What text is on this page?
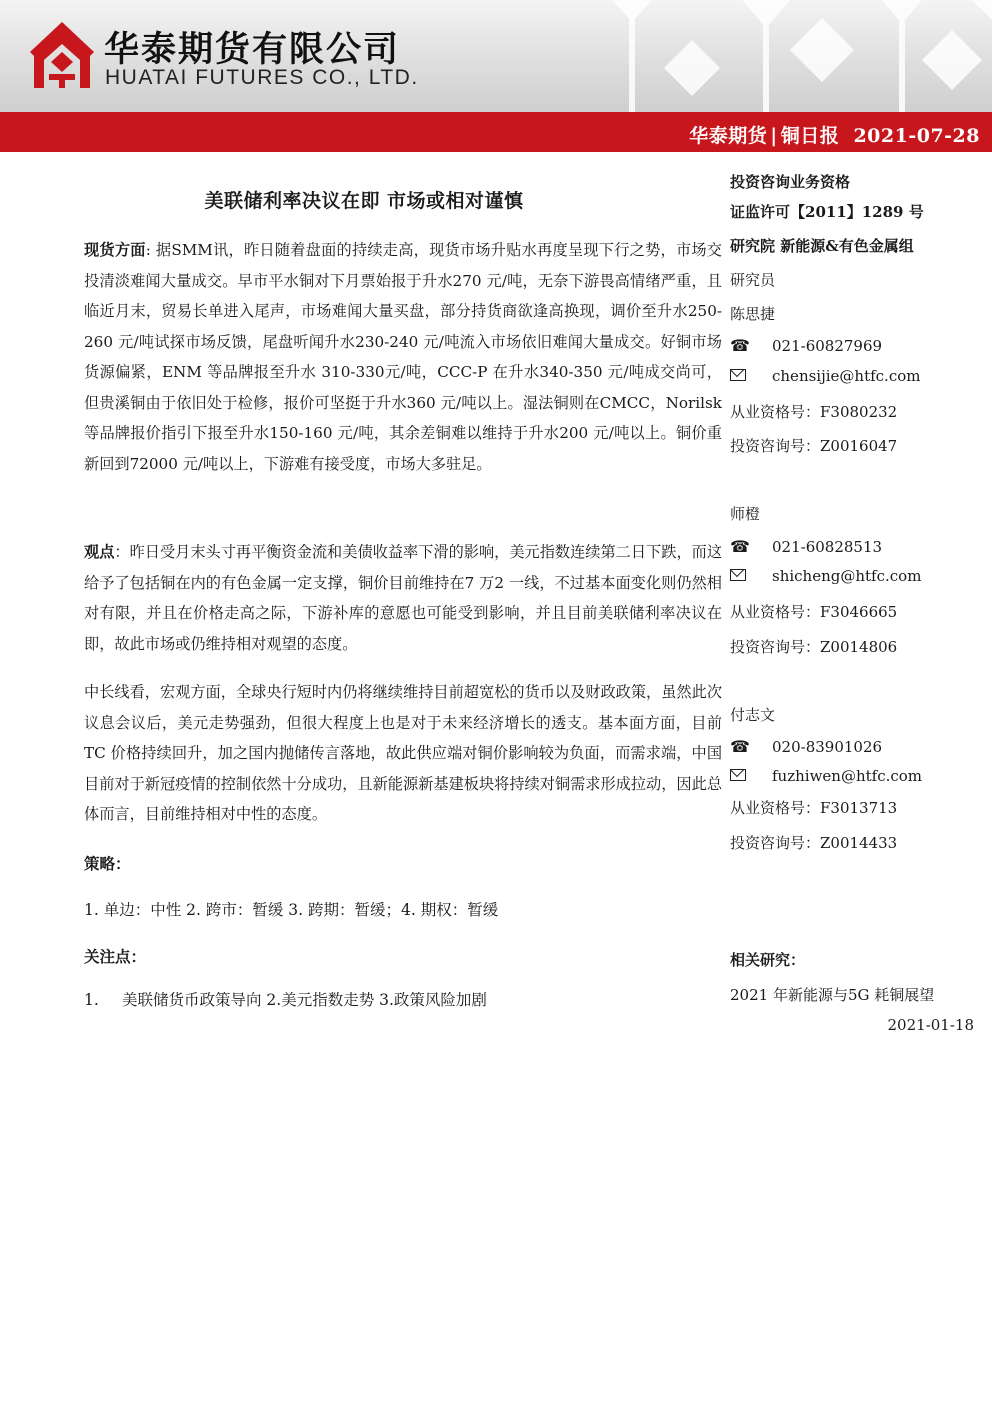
华泰期货有限公司
HUATAI FUTURES CO., LTD.
华泰期货 | 铜日报 2021-07-28
美联储利率决议在即 市场或相对谨慎

现货方面: 据SMM讯，昨日随着盘面的持续走高，现货市场升贴水再度呈现下行之势，市场交投清淡难闻大量成交。早市平水铜对下月票始报于升水270 元/吨，无奈下游畏高情绪严重，且临近月末，贸易长单进入尾声，市场难闻大量买盘，部分持货商欲逢高换现，调价至升水250-260 元/吨试探市场反馈，尾盘听闻升水230-240 元/吨流入市场依旧难闻大量成交。好铜市场货源偏紧，ENM 等品牌报至升水 310-330元/吨，CCC-P 在升水340-350 元/吨成交尚可，但贵溪铜由于依旧处于检修，报价可坚挺于升水360 元/吨以上。湿法铜则在CMCC，Norilsk 等品牌报价指引下报至升水150-160 元/吨，其余差铜难以维持于升水200 元/吨以上。铜价重新回到72000 元/吨以上，下游难有接受度，市场大多驻足。

观点：昨日受月末头寸再平衡资金流和美债收益率下滑的影响，美元指数连续第二日下跌，而这给予了包括铜在内的有色金属一定支撑，铜价目前维持在7 万2 一线，不过基本面变化则仍然相对有限，并且在价格走高之际，下游补库的意愿也可能受到影响，并且目前美联储利率决议在即，故此市场或仍维持相对观望的态度。

中长线看，宏观方面，全球央行短时内仍将继续维持目前超宽松的货币以及财政政策，虽然此次议息会议后，美元走势强劲，但很大程度上也是对于未来经济增长的透支。基本面方面，目前TC 价格持续回升，加之国内抛储传言落地，故此供应端对铜价影响较为负面，而需求端，中国目前对于新冠疫情的控制依然十分成功，且新能源新基建板块将持续对铜需求形成拉动，因此总体而言，目前维持相对中性的态度。

策略：
1. 单边：中性 2. 跨市：暂缓 3. 跨期：暂缓；4. 期权：暂缓
关注点：
1. 美联储货币政策导向 2.美元指数走势 3.政策风险加剧
投资咨询业务资格
证监许可【2011】1289 号
研究院 新能源&有色金属组
研究员
陈思捷
☎ 021-60827969
chensijie@htfc.com
从业资格号：F3080232
投资咨询号：Z0016047
师橙
☎ 021-60828513
shicheng@htfc.com
从业资格号：F3046665
投资咨询号：Z0014806
付志文
☎ 020-83901026
fuzhiwen@htfc.com
从业资格号：F3013713
投资咨询号：Z0014433
相关研究：
2021 年新能源与5G 耗铜展望
2021-01-18
